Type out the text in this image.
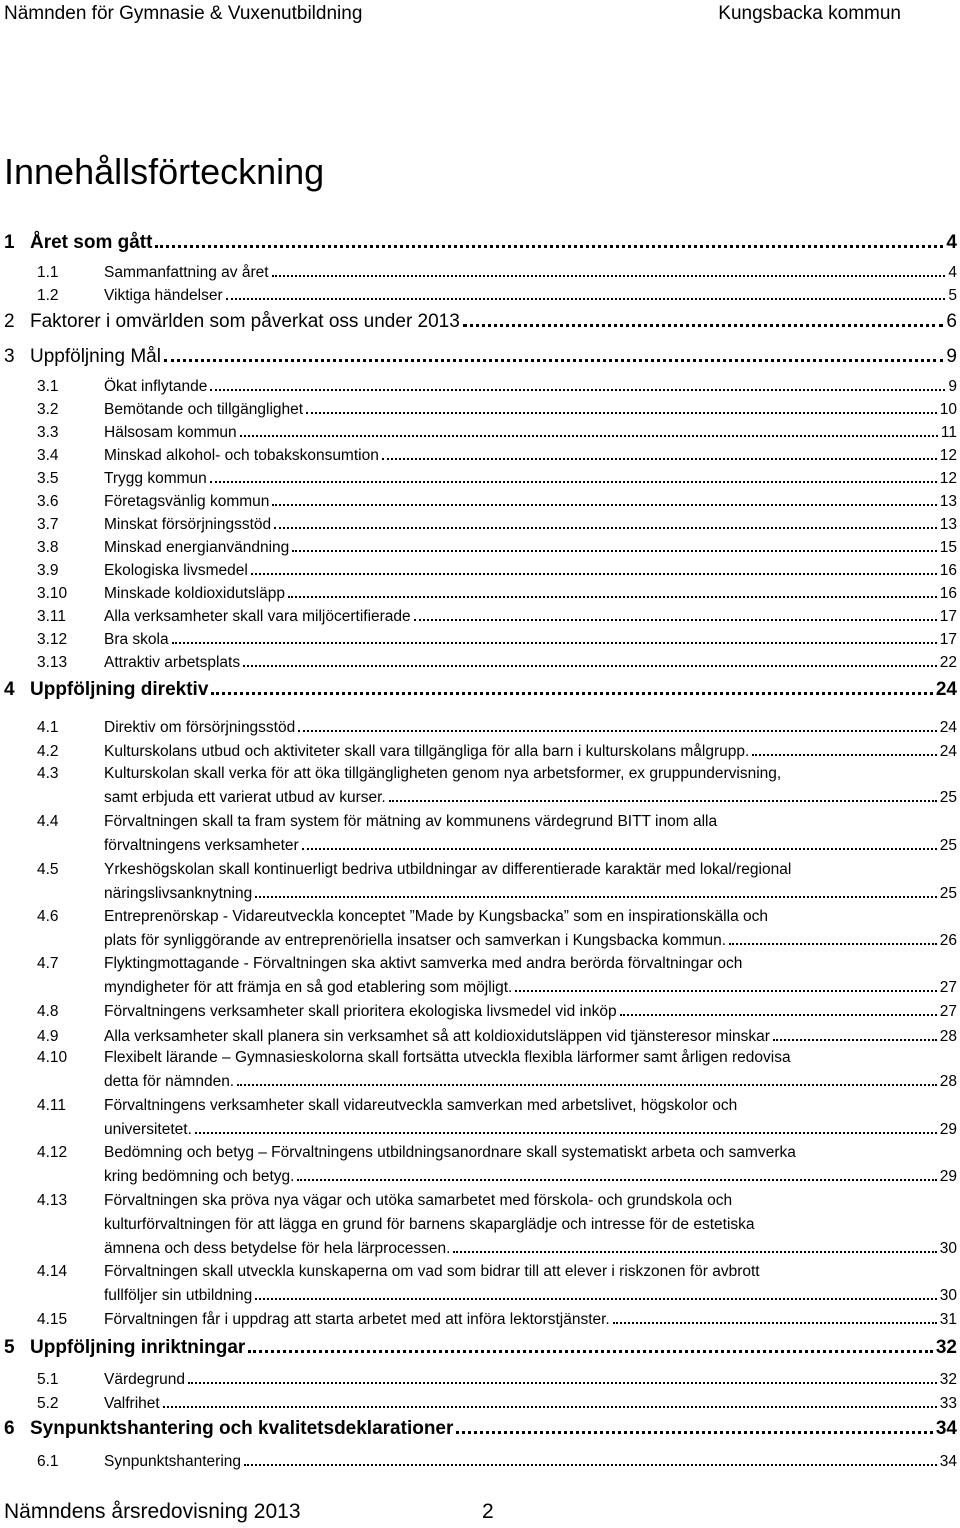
Nämnden för Gymnasie & Vuxenutbildning	Kungsbacka kommun
Innehållsförteckning
1 Året som gått	4
1.1	Sammanfattning av året	4
1.2	Viktiga händelser	5
2 Faktorer i omvärlden som påverkat oss under 2013	6
3 Uppföljning Mål	9
3.1	Ökat inflytande	9
3.2	Bemötande och tillgänglighet	10
3.3	Hälsosam kommun	11
3.4	Minskad alkohol- och tobakskonsumtion	12
3.5	Trygg kommun	12
3.6	Företagsvänlig kommun	13
3.7	Minskat försörjningsstöd	13
3.8	Minskad energianvändning	15
3.9	Ekologiska livsmedel	16
3.10	Minskade koldioxidutsläpp	16
3.11	Alla verksamheter skall vara miljöcertifierade	17
3.12	Bra skola	17
3.13	Attraktiv arbetsplats	22
4 Uppföljning direktiv	24
4.1	Direktiv om försörjningsstöd	24
4.2	Kulturskolans utbud och aktiviteter skall vara tillgängliga för alla barn i kulturskolans målgrupp.	24
4.3	Kulturskolan skall verka för att öka tillgängligheten genom nya arbetsformer, ex gruppundervisning,
samt erbjuda ett varierat utbud av kurser.	25
4.4	Förvaltningen skall ta fram system för mätning av kommunens värdegrund BITT inom alla
förvaltningens verksamheter	25
4.5	Yrkeshögskolan skall kontinuerligt bedriva utbildningar av differentierade karaktär med lokal/regional
näringslivsanknytning	25
4.6	Entreprenörskap - Vidareutveckla konceptet ”Made by Kungsbacka” som en inspirationskälla och
plats för synliggörande av entreprenöriella insatser och samverkan i Kungsbacka kommun.	26
4.7	Flyktingmottagande - Förvaltningen ska aktivt samverka med andra berörda förvaltningar och
myndigheter för att främja en så god etablering som möjligt.	27
4.8	Förvaltningens verksamheter skall prioritera ekologiska livsmedel vid inköp	27
4.9	Alla verksamheter skall planera sin verksamhet så att koldioxidutsläppen vid tjänsteresor minskar	28
4.10	Flexibelt lärande – Gymnasieskolorna skall fortsätta utveckla flexibla lärformer samt årligen redovisa
detta för nämnden.	28
4.11	Förvaltningens verksamheter skall vidareutveckla samverkan med arbetslivet, högskolor och
universitetet.	29
4.12	Bedömning och betyg – Förvaltningens utbildningsanordnare skall systematiskt arbeta och samverka
kring bedömning och betyg.	29
4.13	Förvaltningen ska pröva nya vägar och utöka samarbetet med förskola- och grundskola och
kulturförvaltningen för att lägga en grund för barnens skaparglädje och intresse för de estetiska
ämnena och dess betydelse för hela lärprocessen.	30
4.14	Förvaltningen skall utveckla kunskaperna om vad som bidrar till att elever i riskzonen för avbrott
fullföljer sin utbildning	30
4.15	Förvaltningen får i uppdrag att starta arbetet med att införa lektorstjänster.	31
5 Uppföljning inriktningar	32
5.1	Värdegrund	32
5.2	Valfrihet	33
6 Synpunktshantering och kvalitetsdeklarationer	34
6.1	Synpunktshantering	34
Nämndens årsredovisning 2013	2
